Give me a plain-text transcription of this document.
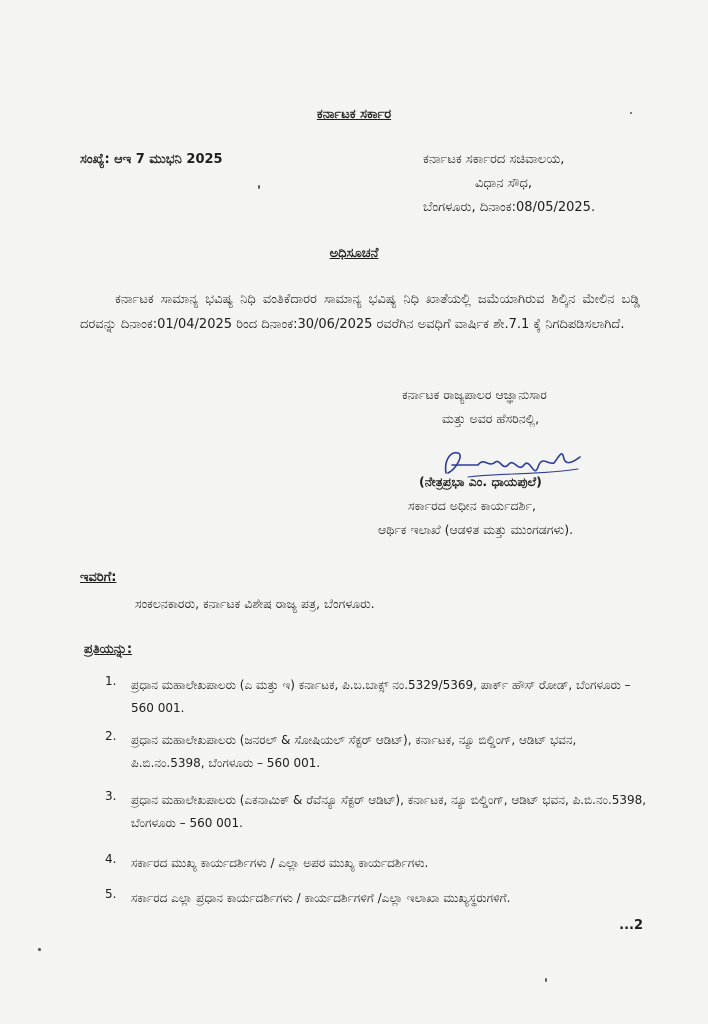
ಕರ್ನಾಟಕ ಸರ್ಕಾರ
ಸಂಖ್ಯೆ: ಆಇ 7 ಮುಭನಿ 2025	ಕರ್ನಾಟಕ ಸರ್ಕಾರದ ಸಚಿವಾಲಯ,
ವಿಧಾನ ಸೌಧ,
ಬೆಂಗಳೂರು, ದಿನಾಂಕ:08/05/2025.
ಅಧಿಸೂಚನೆ
ಕರ್ನಾಟಕ ಸಾಮಾನ್ಯ ಭವಿಷ್ಯ ನಿಧಿ ವಂತಿಕೆದಾರರ ಸಾಮಾನ್ಯ ಭವಿಷ್ಯ ನಿಧಿ ಖಾತೆಯಲ್ಲಿ ಜಮೆಯಾಗಿರುವ ಶಿಲ್ಕಿನ ಮೇಲಿನ ಬಡ್ಡಿ ದರವನ್ನು ದಿನಾಂಕ:01/04/2025 ರಿಂದ ದಿನಾಂಕ:30/06/2025 ರವರೆಗಿನ ಅವಧಿಗೆ ವಾರ್ಷಿಕ ಶೇ.7.1 ಕ್ಕೆ ನಿಗದಿಪಡಿಸಲಾಗಿದೆ.
ಕರ್ನಾಟಕ ರಾಜ್ಯಪಾಲರ ಆಜ್ಞಾನುಸಾರ
ಮತ್ತು ಅವರ ಹೆಸರಿನಲ್ಲಿ,
(ನೇತ್ರಪ್ರಭಾ ಎಂ. ಧಾಯಪುಲೆ)
ಸರ್ಕಾರದ ಅಧೀನ ಕಾರ್ಯದರ್ಶಿ,
ಆರ್ಥಿಕ ಇಲಾಖೆ (ಆಡಳಿತ ಮತ್ತು ಮುಂಗಡಗಳು).
ಇವರಿಗೆ:
ಸಂಕಲನಕಾರರು, ಕರ್ನಾಟಕ ವಿಶೇಷ ರಾಜ್ಯ ಪತ್ರ, ಬೆಂಗಳೂರು.
ಪ್ರತಿಯನ್ನು:
1.	ಪ್ರಧಾನ ಮಹಾಲೇಖಪಾಲರು (ಎ ಮತ್ತು ಇ) ಕರ್ನಾಟಕ, ಪಿ.ಬ.ಬಾಕ್ಸ್ ನಂ.5329/5369, ಪಾರ್ಕ್ ಹೌಸ್ ರೋಡ್, ಬೆಂಗಳೂರು – 560 001.
2.	ಪ್ರಧಾನ ಮಹಾಲೇಖಪಾಲರು (ಜನರಲ್ & ಸೋಷಿಯಲ್ ಸೆಕ್ಟರ್ ಆಡಿಟ್), ಕರ್ನಾಟಕ, ನ್ಯೂ ಬಿಲ್ಡಿಂಗ್, ಆಡಿಟ್ ಭವನ, ಪಿ.ಬಿ.ನಂ.5398, ಬೆಂಗಳೂರು – 560 001.
3.	ಪ್ರಧಾನ ಮಹಾಲೇಖಪಾಲರು (ಎಕನಾಮಿಕ್ & ರೆವೆನ್ಯೂ ಸೆಕ್ಟರ್ ಆಡಿಟ್), ಕರ್ನಾಟಕ, ನ್ಯೂ ಬಿಲ್ಡಿಂಗ್, ಆಡಿಟ್ ಭವನ, ಪಿ.ಬಿ.ನಂ.5398, ಬೆಂಗಳೂರು – 560 001.
4.	ಸರ್ಕಾರದ ಮುಖ್ಯ ಕಾರ್ಯದರ್ಶಿಗಳು / ಎಲ್ಲಾ ಅಪರ ಮುಖ್ಯ ಕಾರ್ಯದರ್ಶಿಗಳು.
5.	ಸರ್ಕಾರದ ಎಲ್ಲಾ ಪ್ರಧಾನ ಕಾರ್ಯದರ್ಶಿಗಳು / ಕಾರ್ಯದರ್ಶಿಗಳಿಗೆ /ಎಲ್ಲಾ ಇಲಾಖಾ ಮುಖ್ಯಸ್ಥರುಗಳಿಗೆ.
...2
